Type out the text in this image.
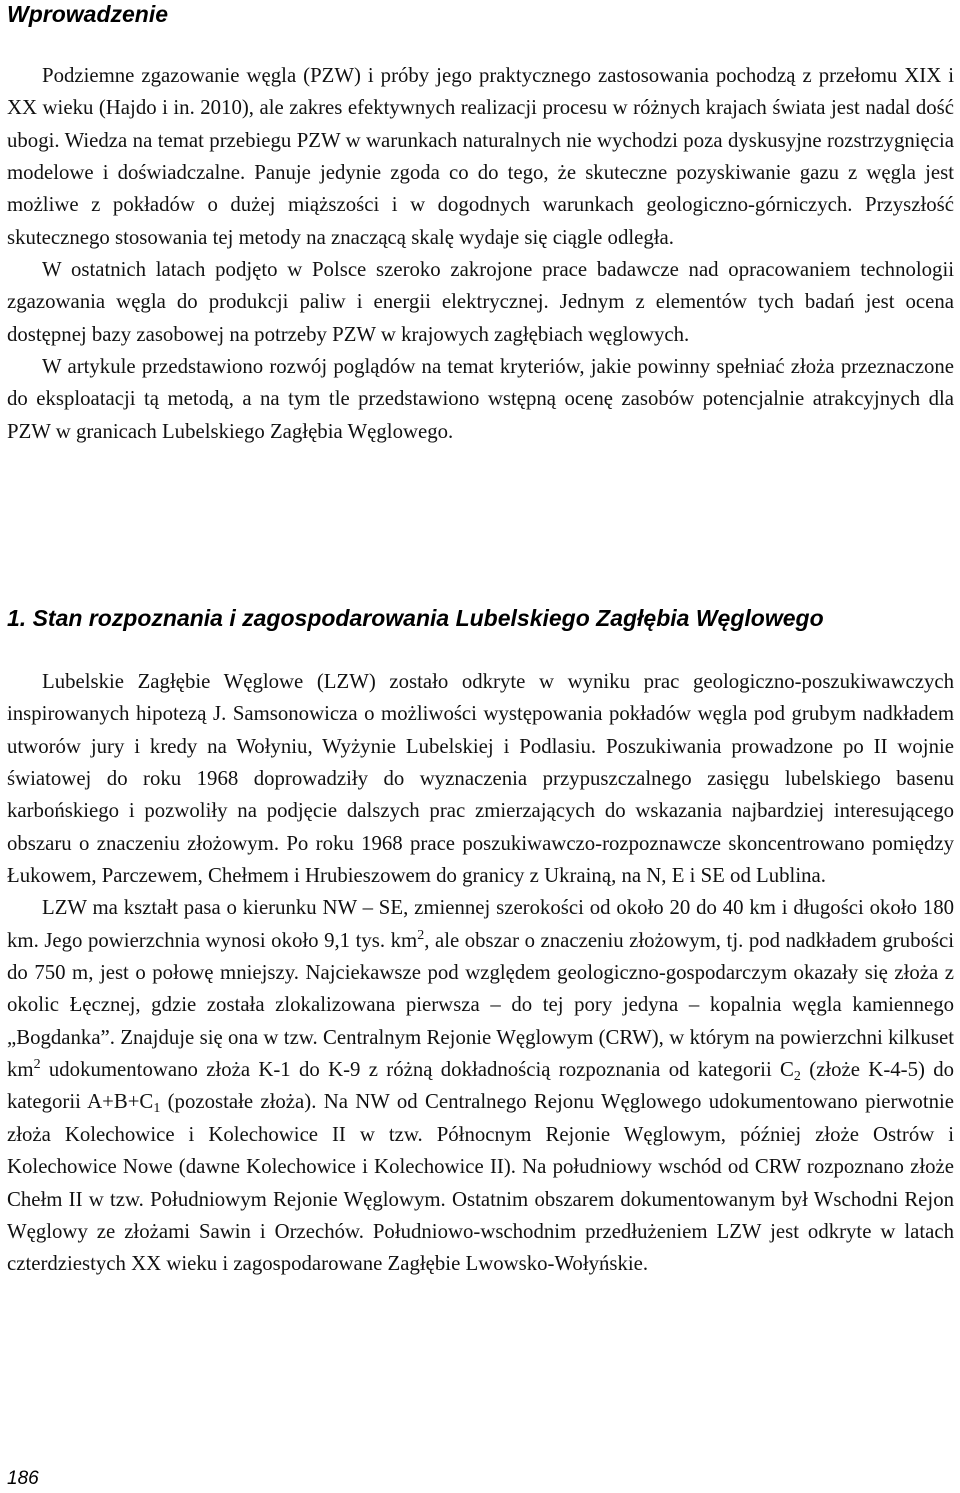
Wprowadzenie

Podziemne zgazowanie węgla (PZW) i próby jego praktycznego zastosowania pochodzą z przełomu XIX i XX wieku (Hajdo i in. 2010), ale zakres efektywnych realizacji procesu w różnych krajach świata jest nadal dość ubogi. Wiedza na temat przebiegu PZW w warunkach naturalnych nie wychodzi poza dyskusyjne rozstrzygnięcia modelowe i doświadczalne. Panuje jedynie zgoda co do tego, że skuteczne pozyskiwanie gazu z węgla jest możliwe z pokładów o dużej miąższości i w dogodnych warunkach geologiczno-górniczych. Przyszłość skutecznego stosowania tej metody na znaczącą skalę wydaje się ciągle odległa.

W ostatnich latach podjęto w Polsce szeroko zakrojone prace badawcze nad opracowaniem technologii zgazowania węgla do produkcji paliw i energii elektrycznej. Jednym z elementów tych badań jest ocena dostępnej bazy zasobowej na potrzeby PZW w krajowych zagłębiach węglowych.

W artykule przedstawiono rozwój poglądów na temat kryteriów, jakie powinny spełniać złoża przeznaczone do eksploatacji tą metodą, a na tym tle przedstawiono wstępną ocenę zasobów potencjalnie atrakcyjnych dla PZW w granicach Lubelskiego Zagłębia Węglowego.

1. Stan rozpoznania i zagospodarowania Lubelskiego Zagłębia Węglowego

Lubelskie Zagłębie Węglowe (LZW) zostało odkryte w wyniku prac geologiczno-poszukiwawczych inspirowanych hipotezą J. Samsonowicza o możliwości występowania pokładów węgla pod grubym nadkładem utworów jury i kredy na Wołyniu, Wyżynie Lubelskiej i Podlasiu. Poszukiwania prowadzone po II wojnie światowej do roku 1968 doprowadziły do wyznaczenia przypuszczalnego zasięgu lubelskiego basenu karbońskiego i pozwoliły na podjęcie dalszych prac zmierzających do wskazania najbardziej interesującego obszaru o znaczeniu złożowym. Po roku 1968 prace poszukiwawczo-rozpoznawcze skoncentrowano pomiędzy Łukowem, Parczewem, Chełmem i Hrubieszowem do granicy z Ukrainą, na N, E i SE od Lublina.

LZW ma kształt pasa o kierunku NW – SE, zmiennej szerokości od około 20 do 40 km i długości około 180 km. Jego powierzchnia wynosi około 9,1 tys. $km^2$, ale obszar o znaczeniu złożowym, tj. pod nadkładem grubości do 750 m, jest o połowę mniejszy. Najciekawsze pod względem geologiczno-gospodarczym okazały się złoża z okolic Łęcznej, gdzie została zlokalizowana pierwsza – do tej pory jedyna – kopalnia węgla kamiennego „Bogdanka”. Znajduje się ona w tzw. Centralnym Rejonie Węglowym (CRW), w którym na powierzchni kilkuset $km^2$ udokumentowano złoża K-1 do K-9 z różną dokładnością rozpoznania od kategorii $C_2$ (złoże K-4-5) do kategorii $A+B+C_1$ (pozostałe złoża). Na NW od Centralnego Rejonu Węglowego udokumentowano pierwotnie złoża Kolechowice i Kolechowice II w tzw. Północnym Rejonie Węglowym, później złoże Ostrów i Kolechowice Nowe (dawne Kolechowice i Kolechowice II). Na południowy wschód od CRW rozpoznano złoże Chełm II w tzw. Południowym Rejonie Węglowym. Ostatnim obszarem dokumentowanym był Wschodni Rejon Węglowy ze złożami Sawin i Orzechów. Południowo-wschodnim przedłużeniem LZW jest odkryte w latach czterdziestych XX wieku i zagospodarowane Zagłębie Lwowsko-Wołyńskie.

186
